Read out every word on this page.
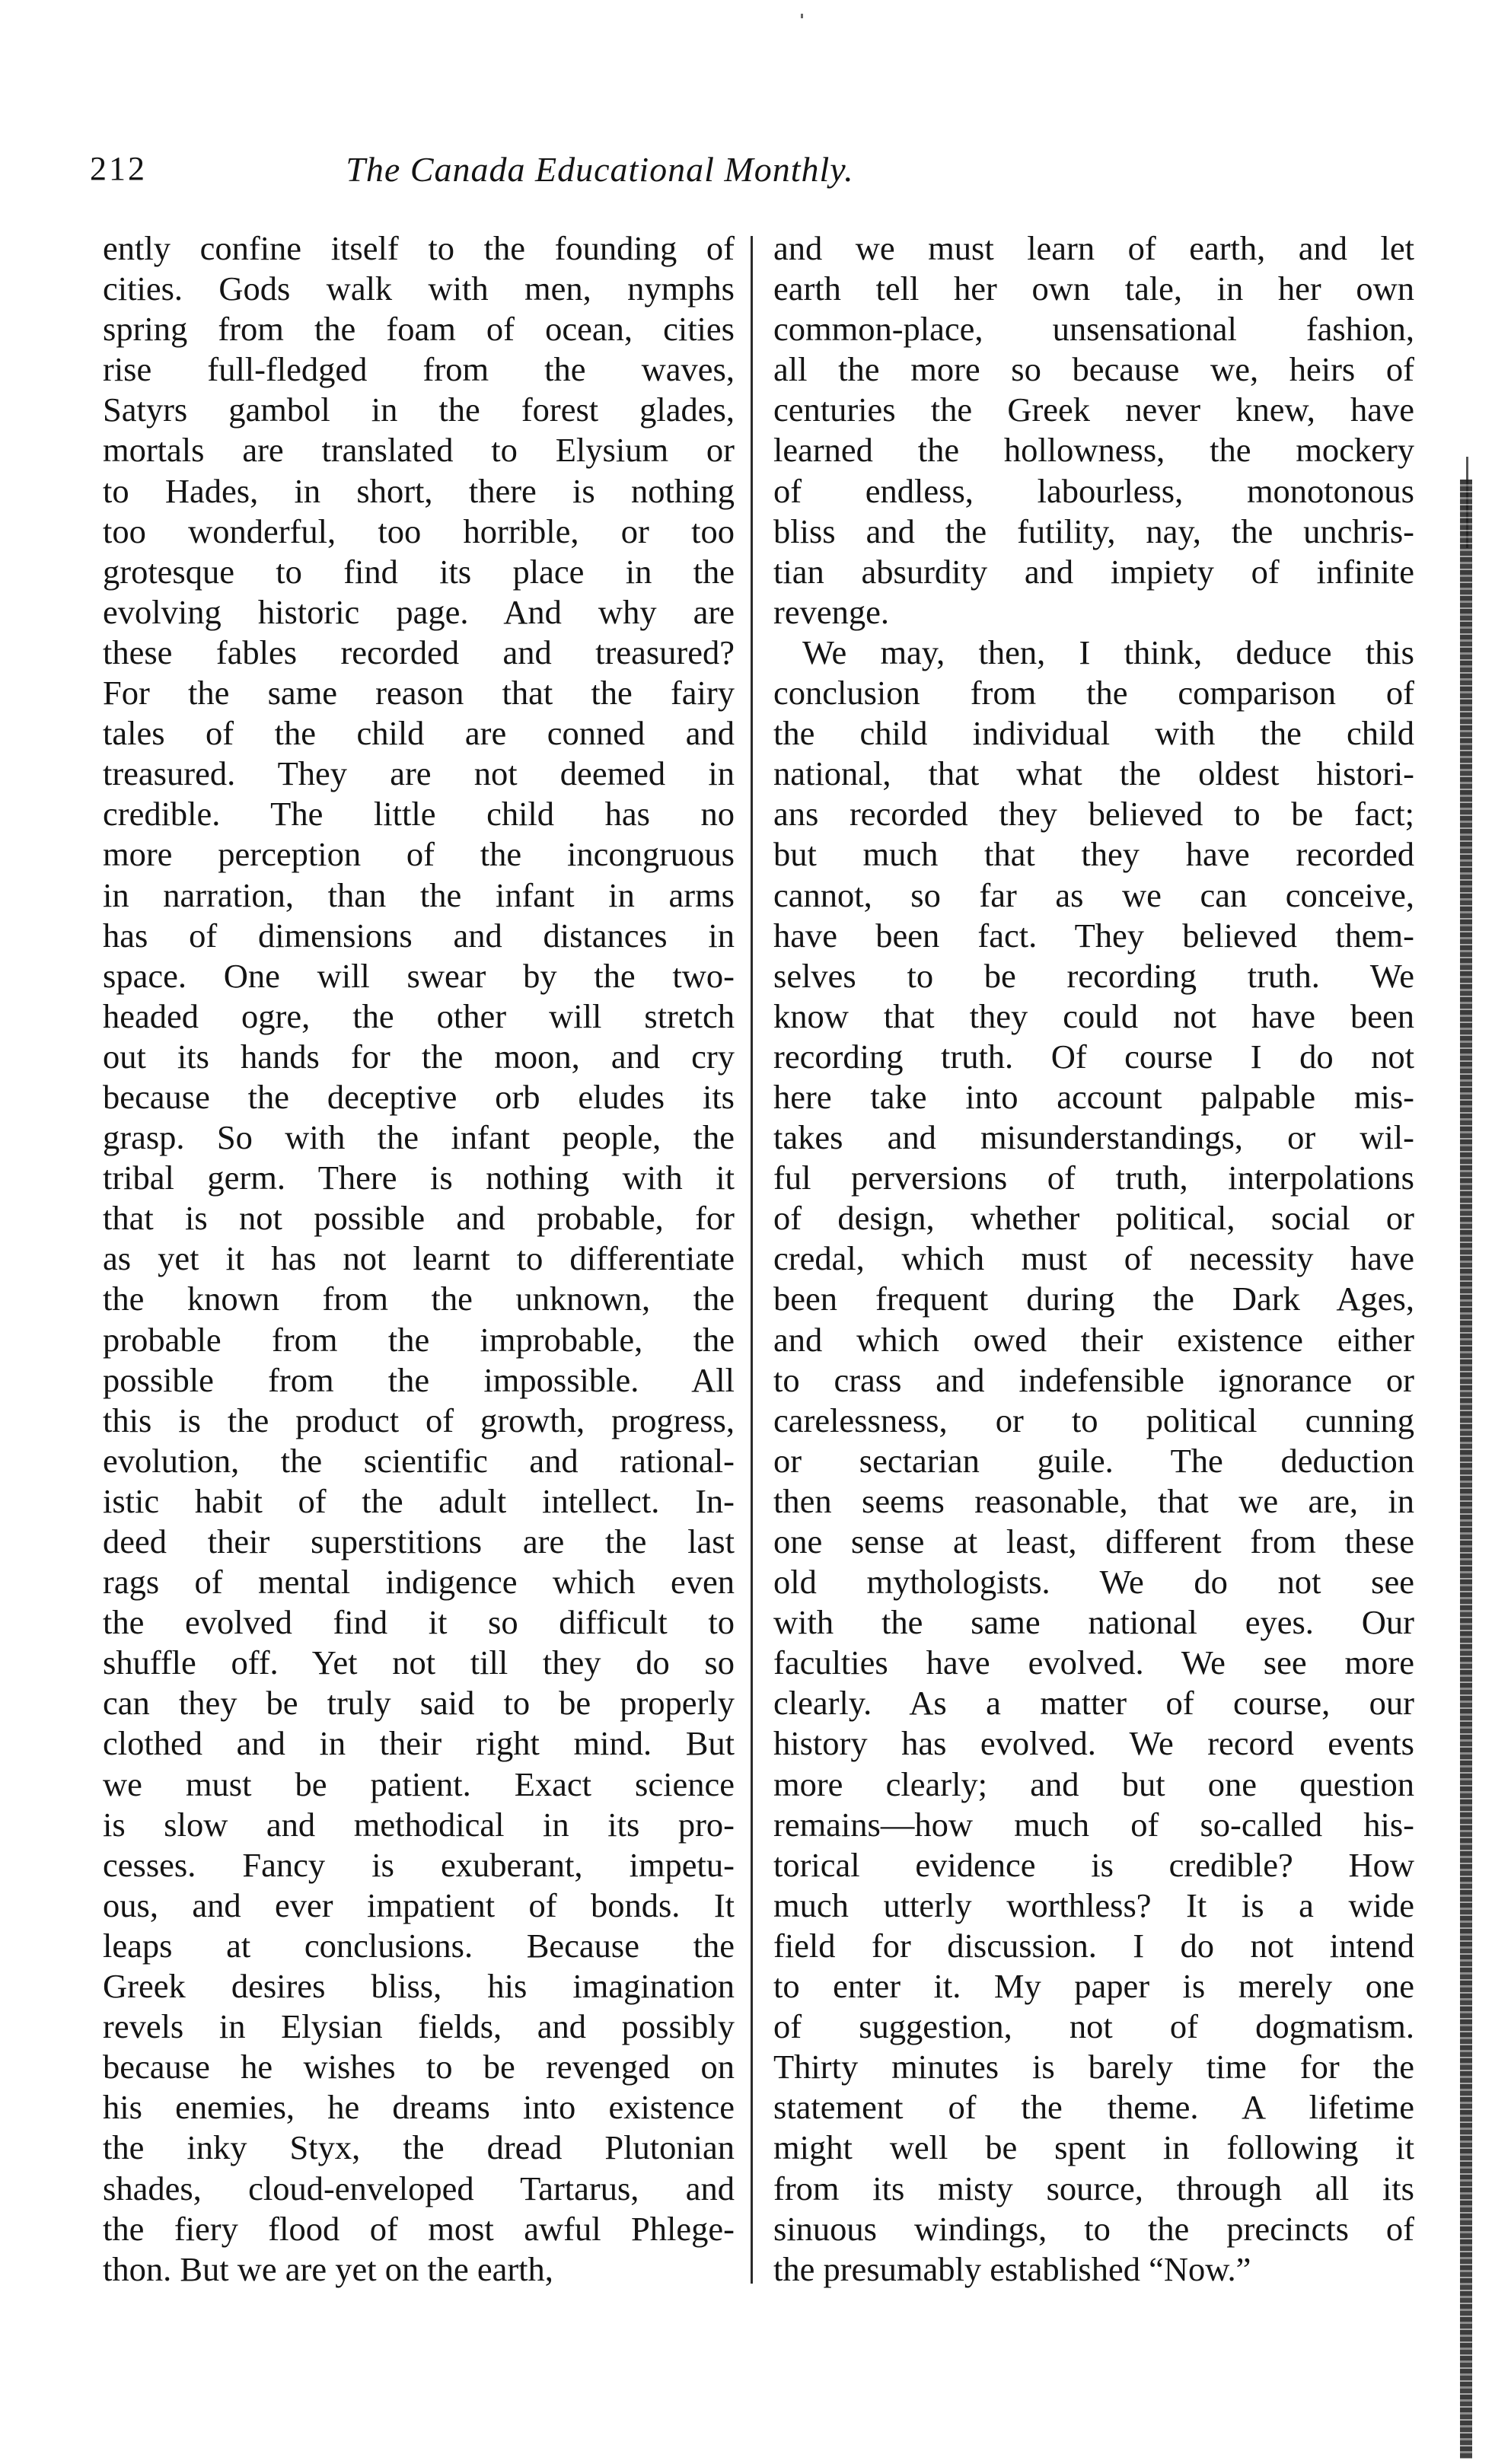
212	The Canada Educational Monthly.
ently confine itself to the founding of
cities. Gods walk with men, nymphs
spring from the foam of ocean, cities
rise full-fledged from the waves,
Satyrs gambol in the forest glades,
mortals are translated to Elysium or
to Hades, in short, there is nothing
too wonderful, too horrible, or too
grotesque to find its place in the
evolving historic page. And why are
these fables recorded and treasured?
For the same reason that the fairy
tales of the child are conned and
treasured. They are not deemed in
credible. The little child has no
more perception of the incongruous
in narration, than the infant in arms
has of dimensions and distances in
space. One will swear by the two-
headed ogre, the other will stretch
out its hands for the moon, and cry
because the deceptive orb eludes its
grasp. So with the infant people, the
tribal germ. There is nothing with it
that is not possible and probable, for
as yet it has not learnt to differentiate
the known from the unknown, the
probable from the improbable, the
possible from the impossible. All
this is the product of growth, progress,
evolution, the scientific and rational-
istic habit of the adult intellect. In-
deed their superstitions are the last
rags of mental indigence which even
the evolved find it so difficult to
shuffle off. Yet not till they do so
can they be truly said to be properly
clothed and in their right mind. But
we must be patient. Exact science
is slow and methodical in its pro-
cesses. Fancy is exuberant, impetu-
ous, and ever impatient of bonds. It
leaps at conclusions. Because the
Greek desires bliss, his imagination
revels in Elysian fields, and possibly
because he wishes to be revenged on
his enemies, he dreams into existence
the inky Styx, the dread Plutonian
shades, cloud-enveloped Tartarus, and
the fiery flood of most awful Phlege-
thon. But we are yet on the earth,
and we must learn of earth, and let
earth tell her own tale, in her own
common-place, unsensational fashion,
all the more so because we, heirs of
centuries the Greek never knew, have
learned the hollowness, the mockery
of endless, labourless, monotonous
bliss and the futility, nay, the unchris-
tian absurdity and impiety of infinite
revenge.
We may, then, I think, deduce this
conclusion from the comparison of
the child individual with the child
national, that what the oldest histori-
ans recorded they believed to be fact;
but much that they have recorded
cannot, so far as we can conceive,
have been fact. They believed them-
selves to be recording truth. We
know that they could not have been
recording truth. Of course I do not
here take into account palpable mis-
takes and misunderstandings, or wil-
ful perversions of truth, interpolations
of design, whether political, social or
credal, which must of necessity have
been frequent during the Dark Ages,
and which owed their existence either
to crass and indefensible ignorance or
carelessness, or to political cunning
or sectarian guile. The deduction
then seems reasonable, that we are, in
one sense at least, different from these
old mythologists. We do not see
with the same national eyes. Our
faculties have evolved. We see more
clearly. As a matter of course, our
history has evolved. We record events
more clearly; and but one question
remains—how much of so-called his-
torical evidence is credible? How
much utterly worthless? It is a wide
field for discussion. I do not intend
to enter it. My paper is merely one
of suggestion, not of dogmatism.
Thirty minutes is barely time for the
statement of the theme. A lifetime
might well be spent in following it
from its misty source, through all its
sinuous windings, to the precincts of
the presumably established “Now.”
